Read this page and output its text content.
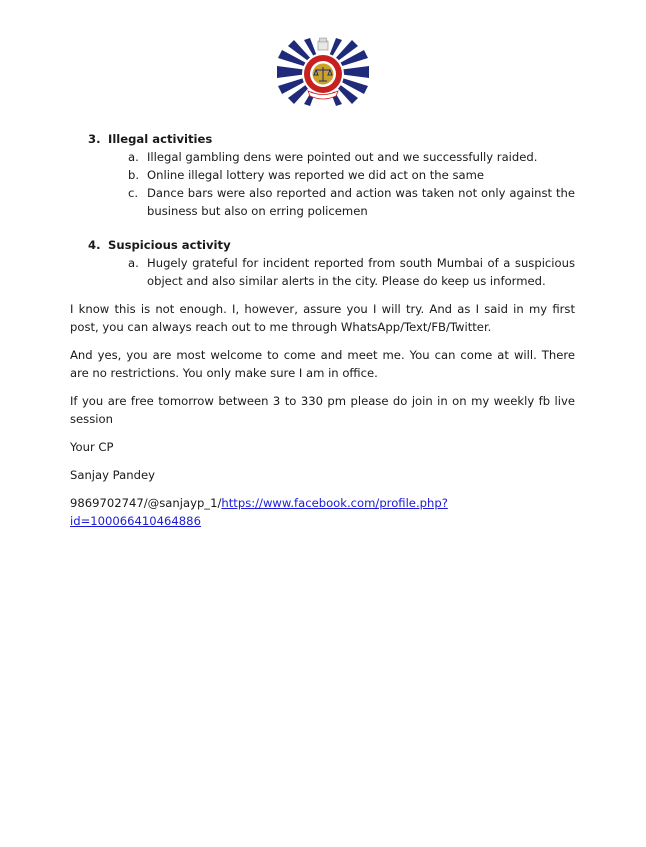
3. Illegal activities
a. Illegal gambling dens were pointed out and we successfully raided.
b. Online illegal lottery was reported we did act on the same
c. Dance bars were also reported and action was taken not only against the business but also on erring policemen
4. Suspicious activity
a. Hugely grateful for incident reported from south Mumbai of a suspicious object and also similar alerts in the city. Please do keep us informed.

I know this is not enough. I, however, assure you I will try. And as I said in my first post, you can always reach out to me through WhatsApp/Text/FB/Twitter.

And yes, you are most welcome to come and meet me. You can come at will. There are no restrictions. You only make sure I am in office.

If you are free tomorrow between 3 to 330 pm please do join in on my weekly fb live session

Your CP

Sanjay Pandey

9869702747/@sanjayp_1/https://www.facebook.com/profile.php?id=100066410464886
